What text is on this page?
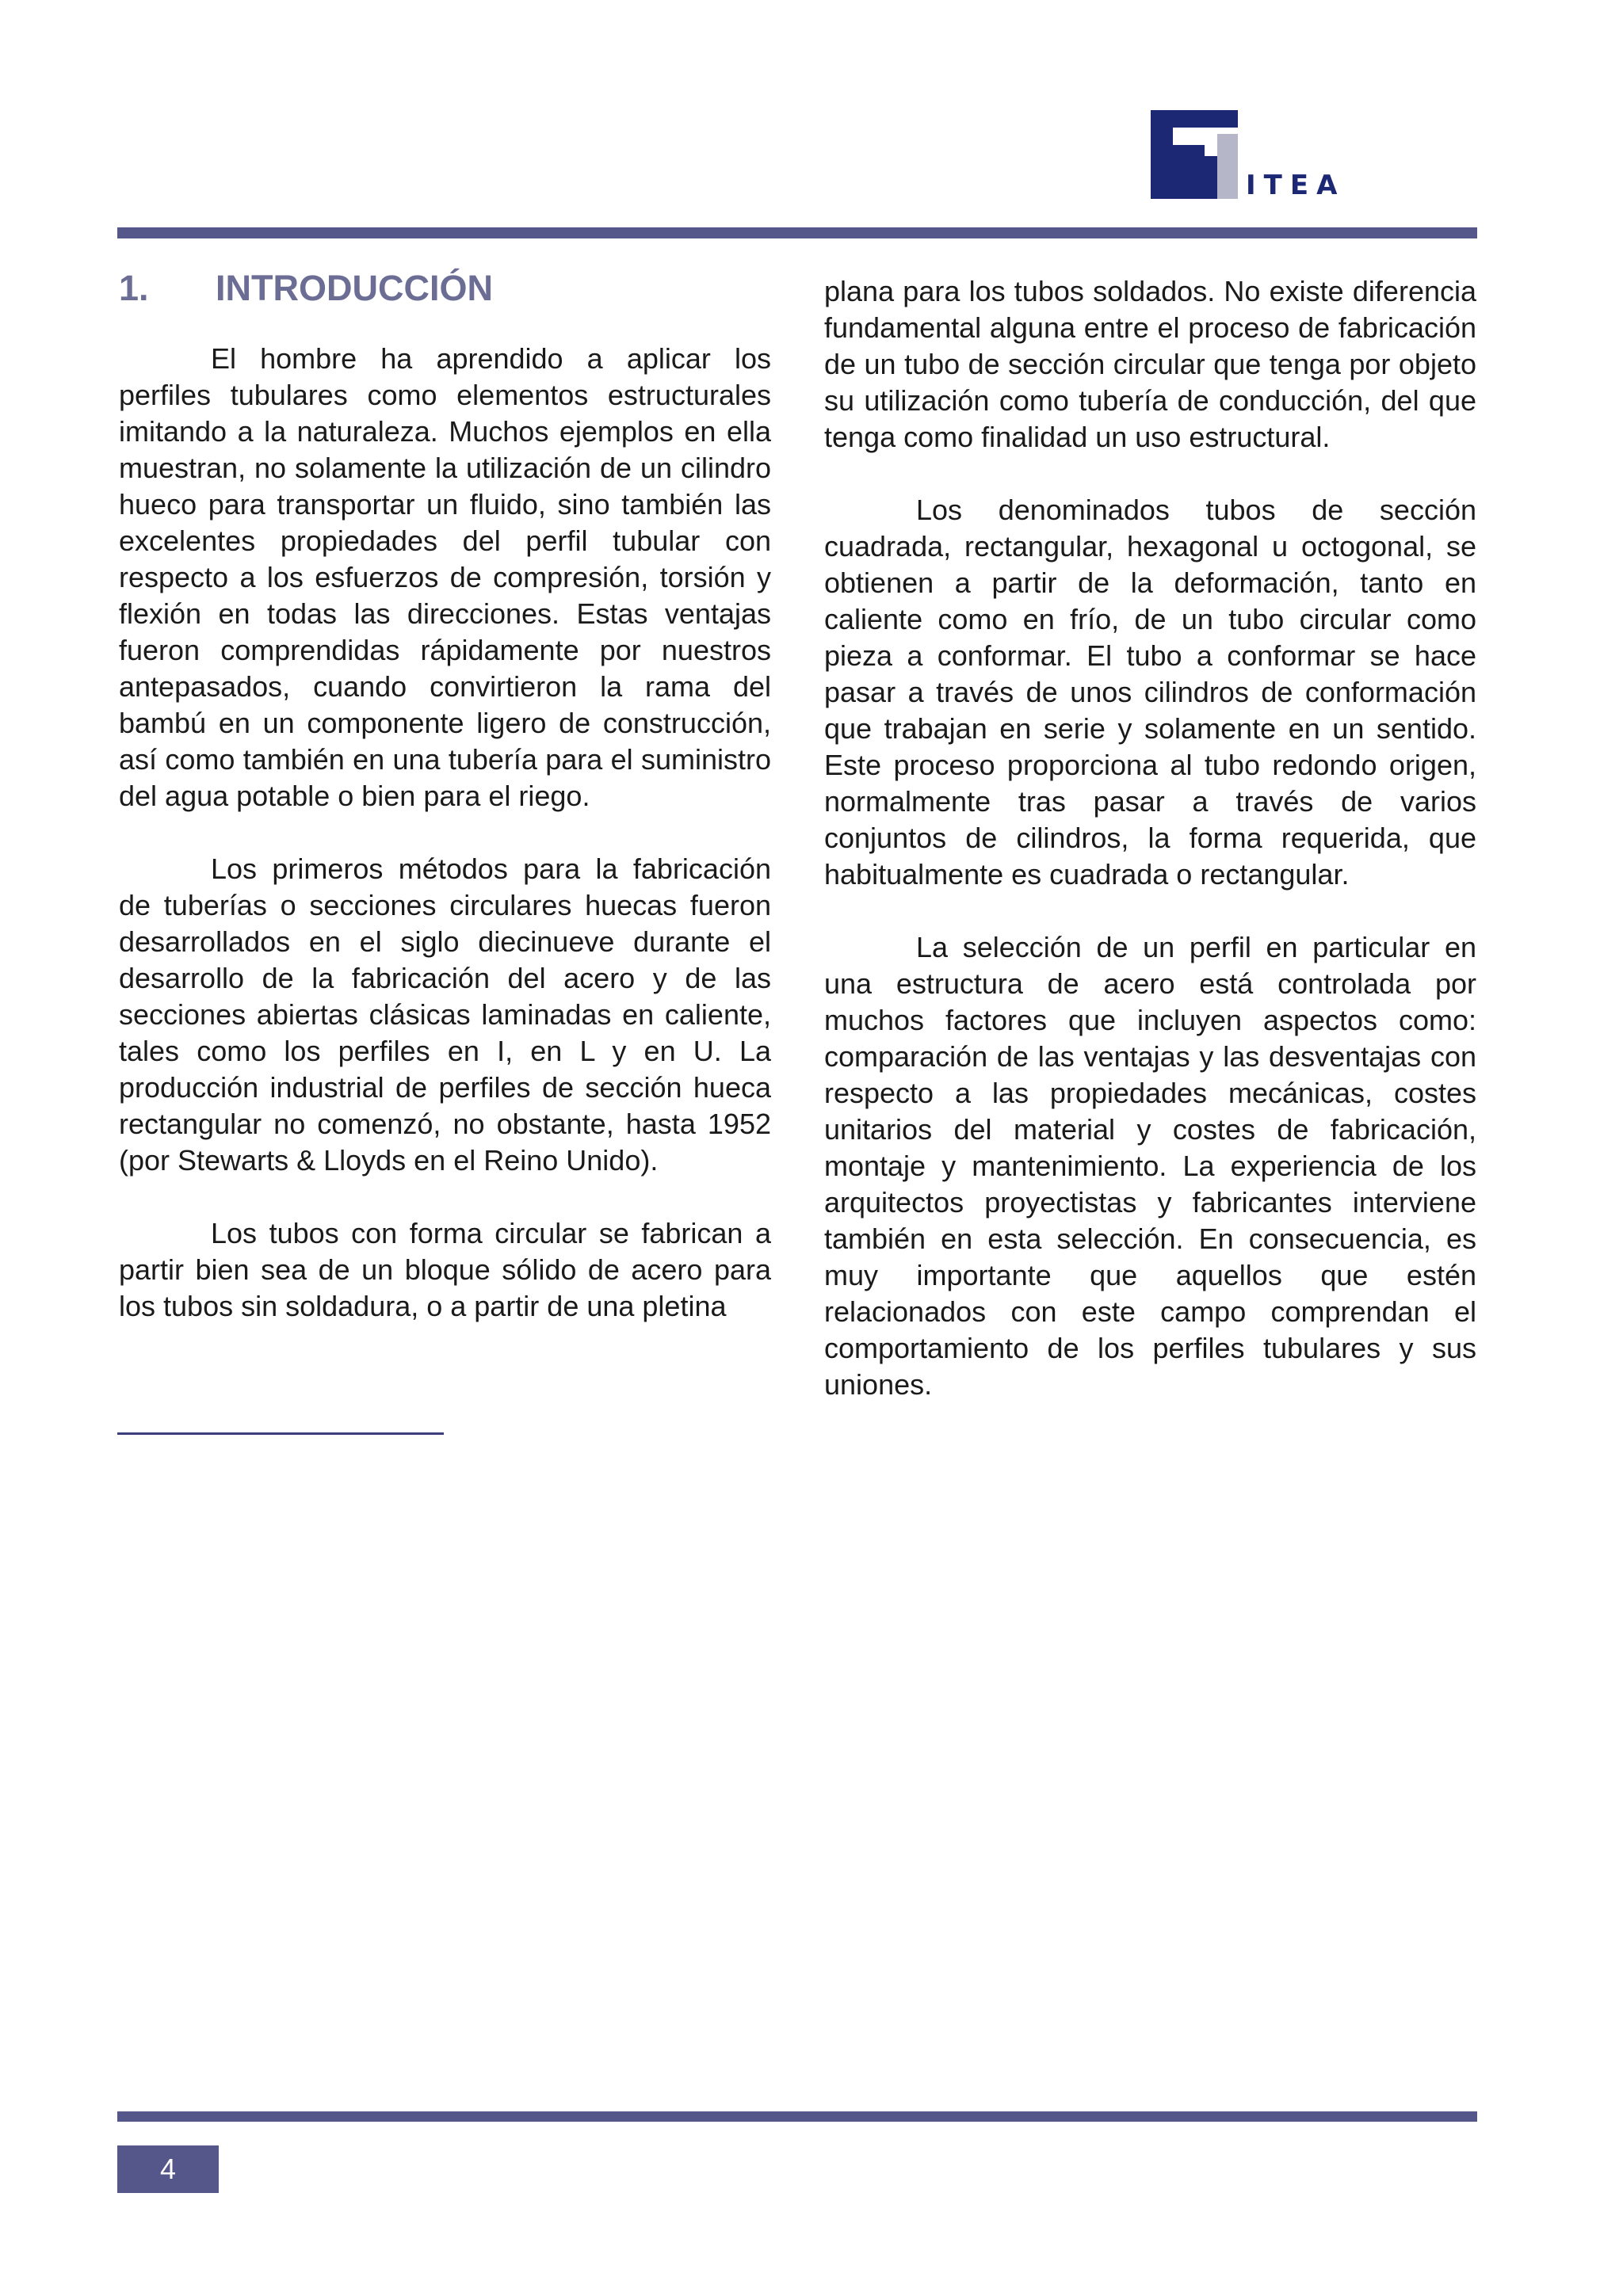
ITEA
1. INTRODUCCIÓN

El hombre ha aprendido a aplicar los perfiles tubulares como elementos estructurales imitando a la naturaleza. Muchos ejemplos en ella muestran, no solamente la utilización de un cilindro hueco para transportar un fluido, sino también las excelentes propiedades del perfil tubular con respecto a los esfuerzos de compresión, torsión y flexión en todas las direcciones. Estas ventajas fueron comprendidas rápidamente por nuestros antepasados, cuando convirtieron la rama del bambú en un componente ligero de construcción, así como también en una tubería para el suministro del agua potable o bien para el riego.

Los primeros métodos para la fabricación de tuberías o secciones circulares huecas fueron desarrollados en el siglo diecinueve durante el desarrollo de la fabricación del acero y de las secciones abiertas clásicas laminadas en caliente, tales como los perfiles en I, en L y en U. La producción industrial de perfiles de sección hueca rectangular no comenzó, no obstante, hasta 1952 (por Stewarts & Lloyds en el Reino Unido).

Los tubos con forma circular se fabrican a partir bien sea de un bloque sólido de acero para los tubos sin soldadura, o a partir de una pletina

plana para los tubos soldados. No existe diferencia fundamental alguna entre el proceso de fabricación de un tubo de sección circular que tenga por objeto su utilización como tubería de conducción, del que tenga como finalidad un uso estructural.

Los denominados tubos de sección cuadrada, rectangular, hexagonal u octogonal, se obtienen a partir de la deformación, tanto en caliente como en frío, de un tubo circular como pieza a conformar. El tubo a conformar se hace pasar a través de unos cilindros de conformación que trabajan en serie y solamente en un sentido. Este proceso proporciona al tubo redondo origen, normalmente tras pasar a través de varios conjuntos de cilindros, la forma requerida, que habitualmente es cuadrada o rectangular.

La selección de un perfil en particular en una estructura de acero está controlada por muchos factores que incluyen aspectos como: comparación de las ventajas y las desventajas con respecto a las propiedades mecánicas, costes unitarios del material y costes de fabricación, montaje y mantenimiento. La experiencia de los arquitectos proyectistas y fabricantes interviene también en esta selección. En consecuencia, es muy importante que aquellos que estén relacionados con este campo comprendan el comportamiento de los perfiles tubulares y sus uniones.

4
